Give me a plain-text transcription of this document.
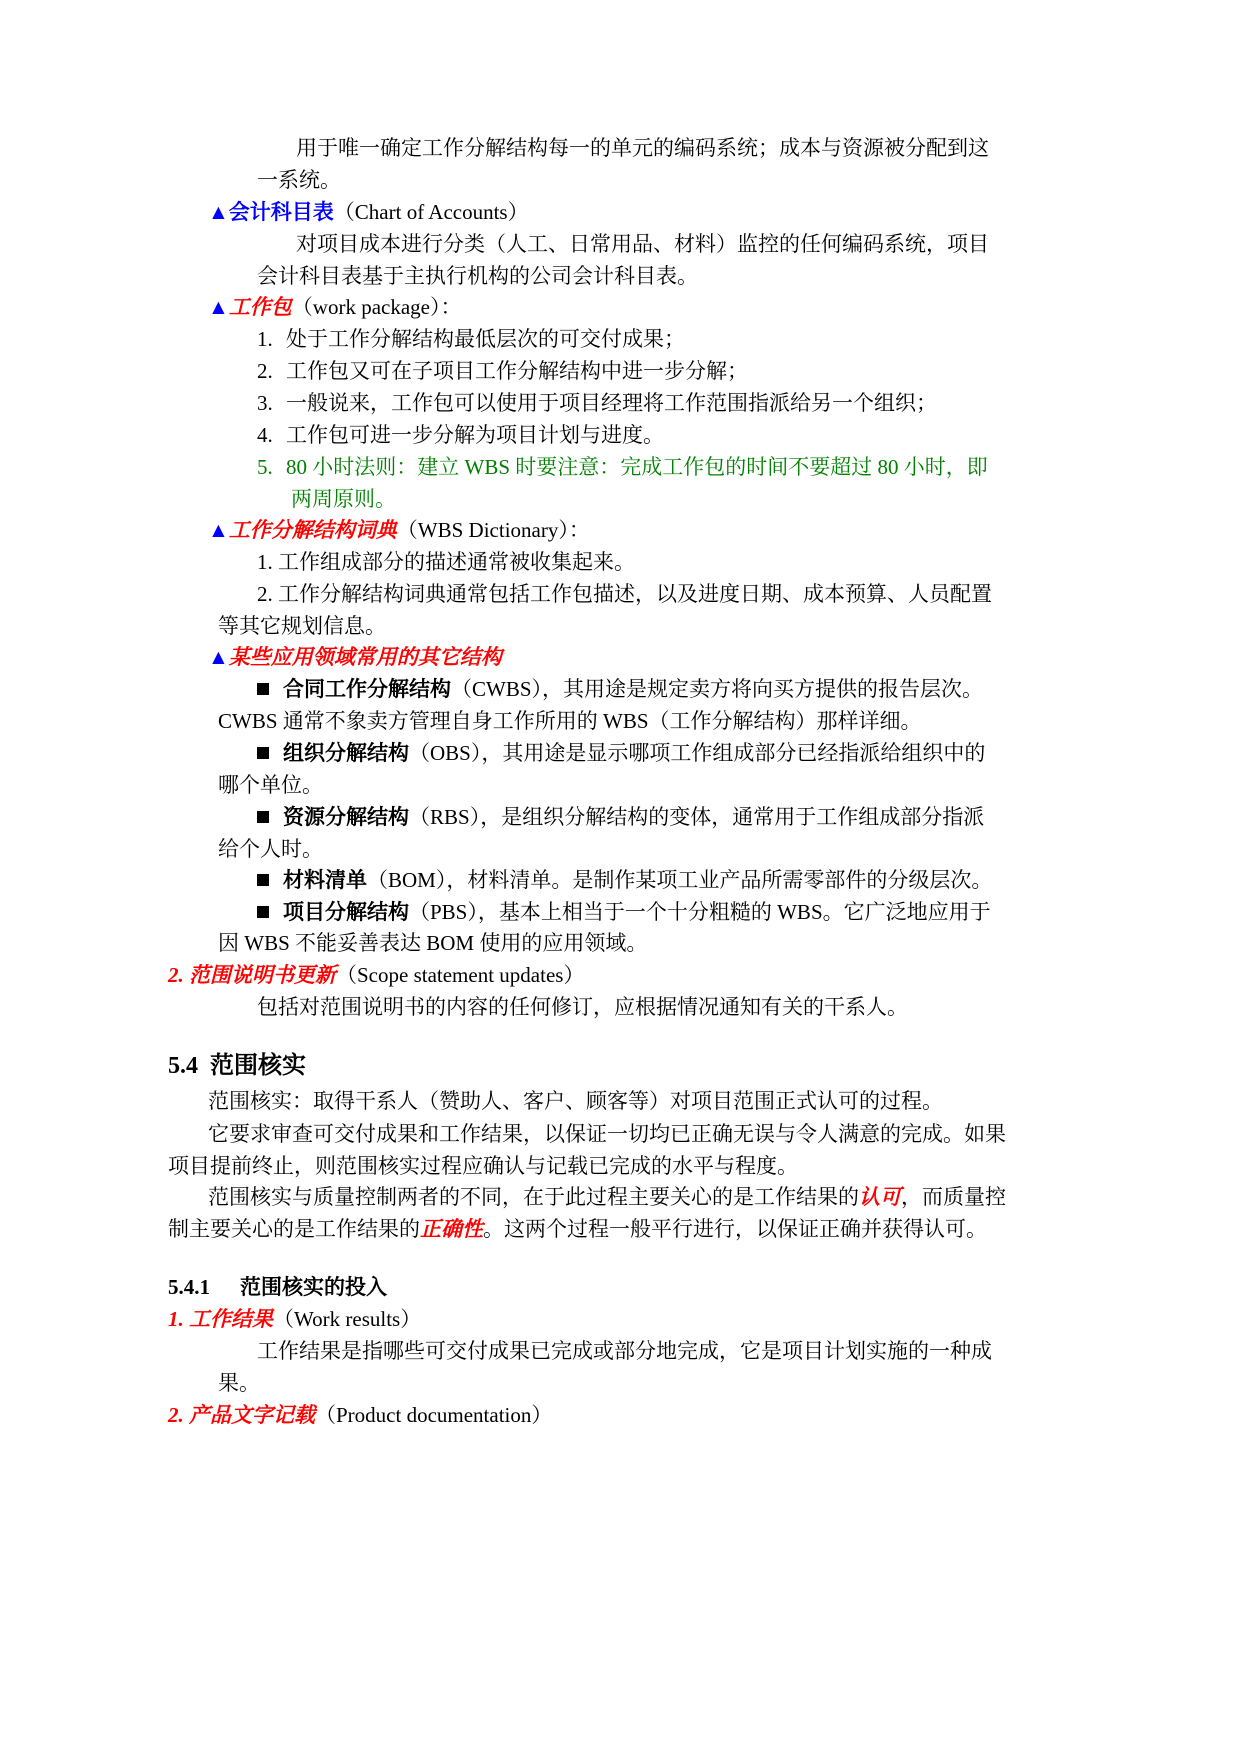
用于唯一确定工作分解结构每一的单元的编码系统；成本与资源被分配到这
一系统。
▲会计科目表（Chart of Accounts）
对项目成本进行分类（人工、日常用品、材料）监控的任何编码系统，项目
会计科目表基于主执行机构的公司会计科目表。
▲工作包（work package）：
1. 处于工作分解结构最低层次的可交付成果；
2. 工作包又可在子项目工作分解结构中进一步分解；
3. 一般说来，工作包可以使用于项目经理将工作范围指派给另一个组织；
4. 工作包可进一步分解为项目计划与进度。
5. 80 小时法则：建立 WBS 时要注意：完成工作包的时间不要超过 80 小时，即
两周原则。
▲工作分解结构词典（WBS Dictionary）：
1. 工作组成部分的描述通常被收集起来。
2. 工作分解结构词典通常包括工作包描述，以及进度日期、成本预算、人员配置
等其它规划信息。
▲某些应用领域常用的其它结构
合同工作分解结构（CWBS），其用途是规定卖方将向买方提供的报告层次。
CWBS 通常不象卖方管理自身工作所用的 WBS（工作分解结构）那样详细。
组织分解结构（OBS），其用途是显示哪项工作组成部分已经指派给组织中的
哪个单位。
资源分解结构（RBS），是组织分解结构的变体，通常用于工作组成部分指派
给个人时。
材料清单（BOM），材料清单。是制作某项工业产品所需零部件的分级层次。
项目分解结构（PBS），基本上相当于一个十分粗糙的 WBS。它广泛地应用于
因 WBS 不能妥善表达 BOM 使用的应用领域。
2. 范围说明书更新（Scope statement updates）
包括对范围说明书的内容的任何修订，应根据情况通知有关的干系人。
5.4  范围核实
范围核实：取得干系人（赞助人、客户、顾客等）对项目范围正式认可的过程。
它要求审查可交付成果和工作结果，以保证一切均已正确无误与令人满意的完成。如果
项目提前终止，则范围核实过程应确认与记载已完成的水平与程度。
范围核实与质量控制两者的不同，在于此过程主要关心的是工作结果的认可，而质量控
制主要关心的是工作结果的正确性。这两个过程一般平行进行，以保证正确并获得认可。
5.4.1 范围核实的投入
1. 工作结果（Work results）
工作结果是指哪些可交付成果已完成或部分地完成，它是项目计划实施的一种成
果。
2. 产品文字记载（Product documentation）
